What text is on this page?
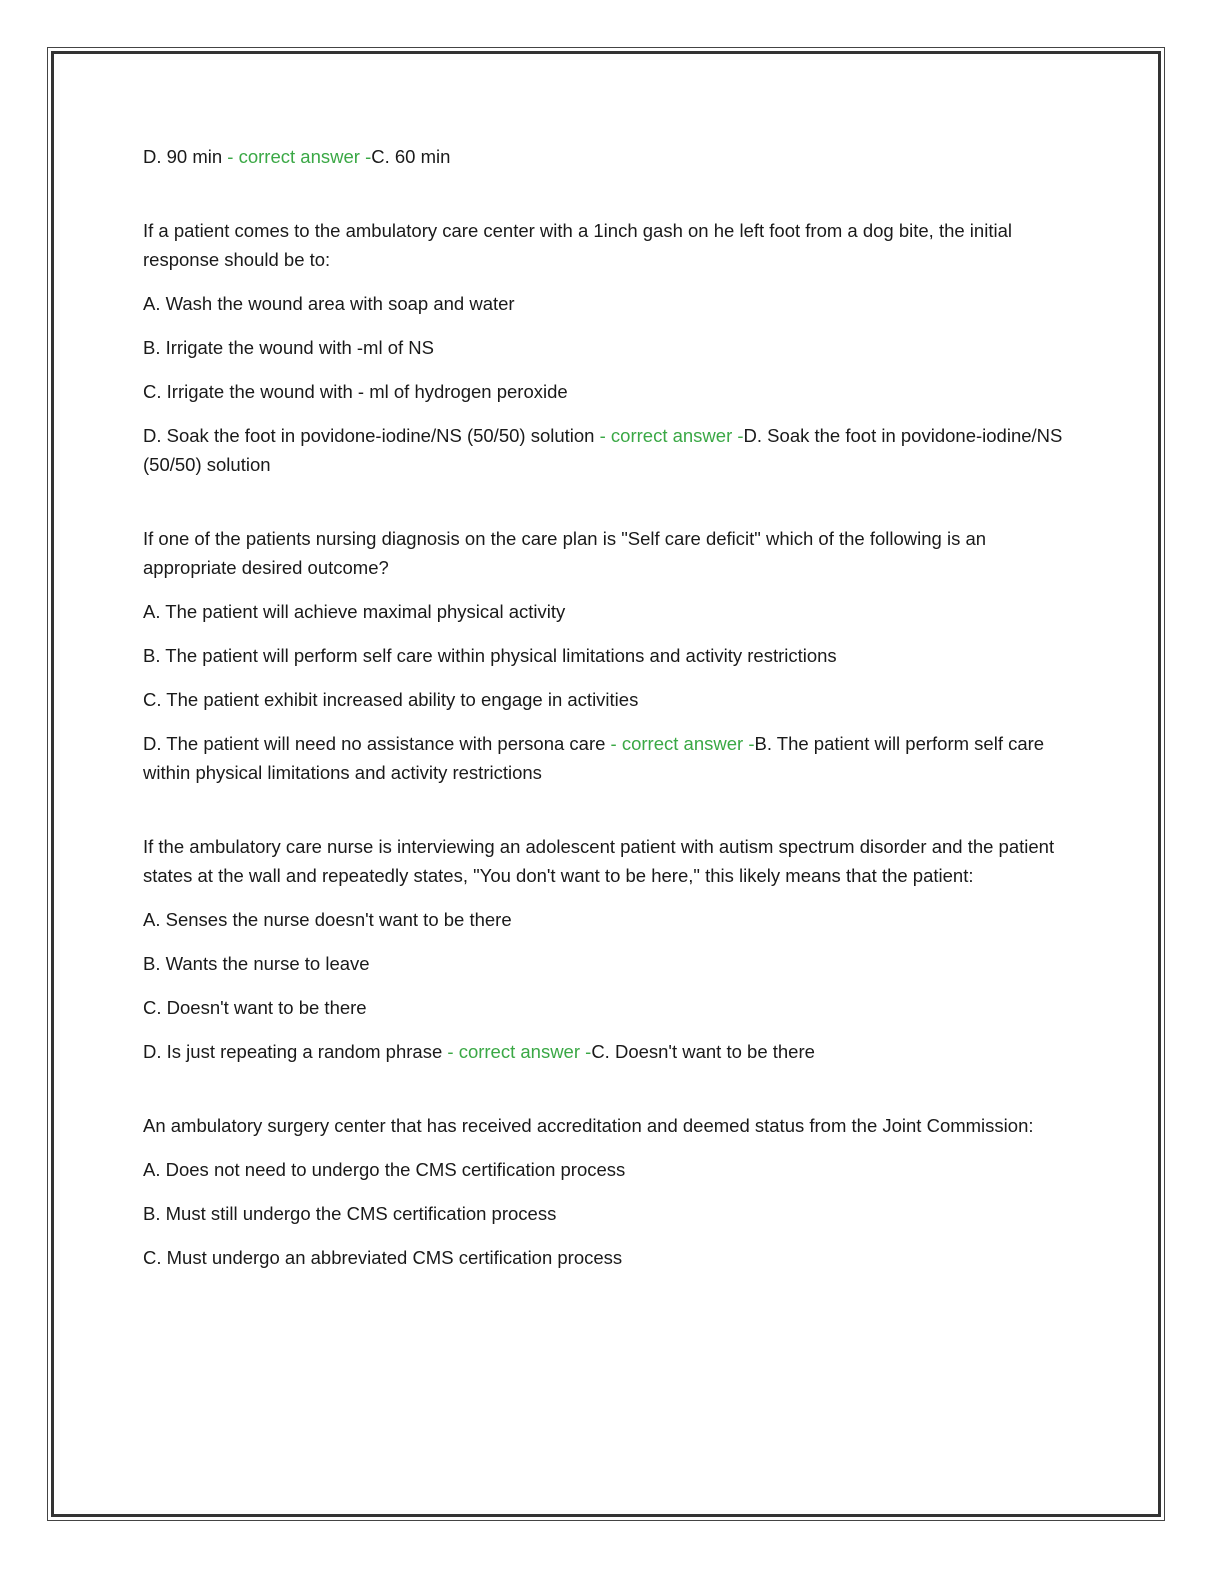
D. 90 min - correct answer -C. 60 min
If a patient comes to the ambulatory care center with a 1inch gash on he left foot from a dog bite, the initial response should be to:
A. Wash the wound area with soap and water
B. Irrigate the wound with -ml of NS
C. Irrigate the wound with - ml of hydrogen peroxide
D. Soak the foot in povidone-iodine/NS (50/50) solution - correct answer -D. Soak the foot in povidone-iodine/NS (50/50) solution
If one of the patients nursing diagnosis on the care plan is "Self care deficit" which of the following is an appropriate desired outcome?
A. The patient will achieve maximal physical activity
B. The patient will perform self care within physical limitations and activity restrictions
C. The patient exhibit increased ability to engage in activities
D. The patient will need no assistance with persona care - correct answer -B. The patient will perform self care within physical limitations and activity restrictions
If the ambulatory care nurse is interviewing an adolescent patient with autism spectrum disorder and the patient states at the wall and repeatedly states, "You don't want to be here," this likely means that the patient:
A. Senses the nurse doesn't want to be there
B. Wants the nurse to leave
C. Doesn't want to be there
D. Is just repeating a random phrase - correct answer -C. Doesn't want to be there
An ambulatory surgery center that has received accreditation and deemed status from the Joint Commission:
A. Does not need to undergo the CMS certification process
B. Must still undergo the CMS certification process
C. Must undergo an abbreviated CMS certification process
